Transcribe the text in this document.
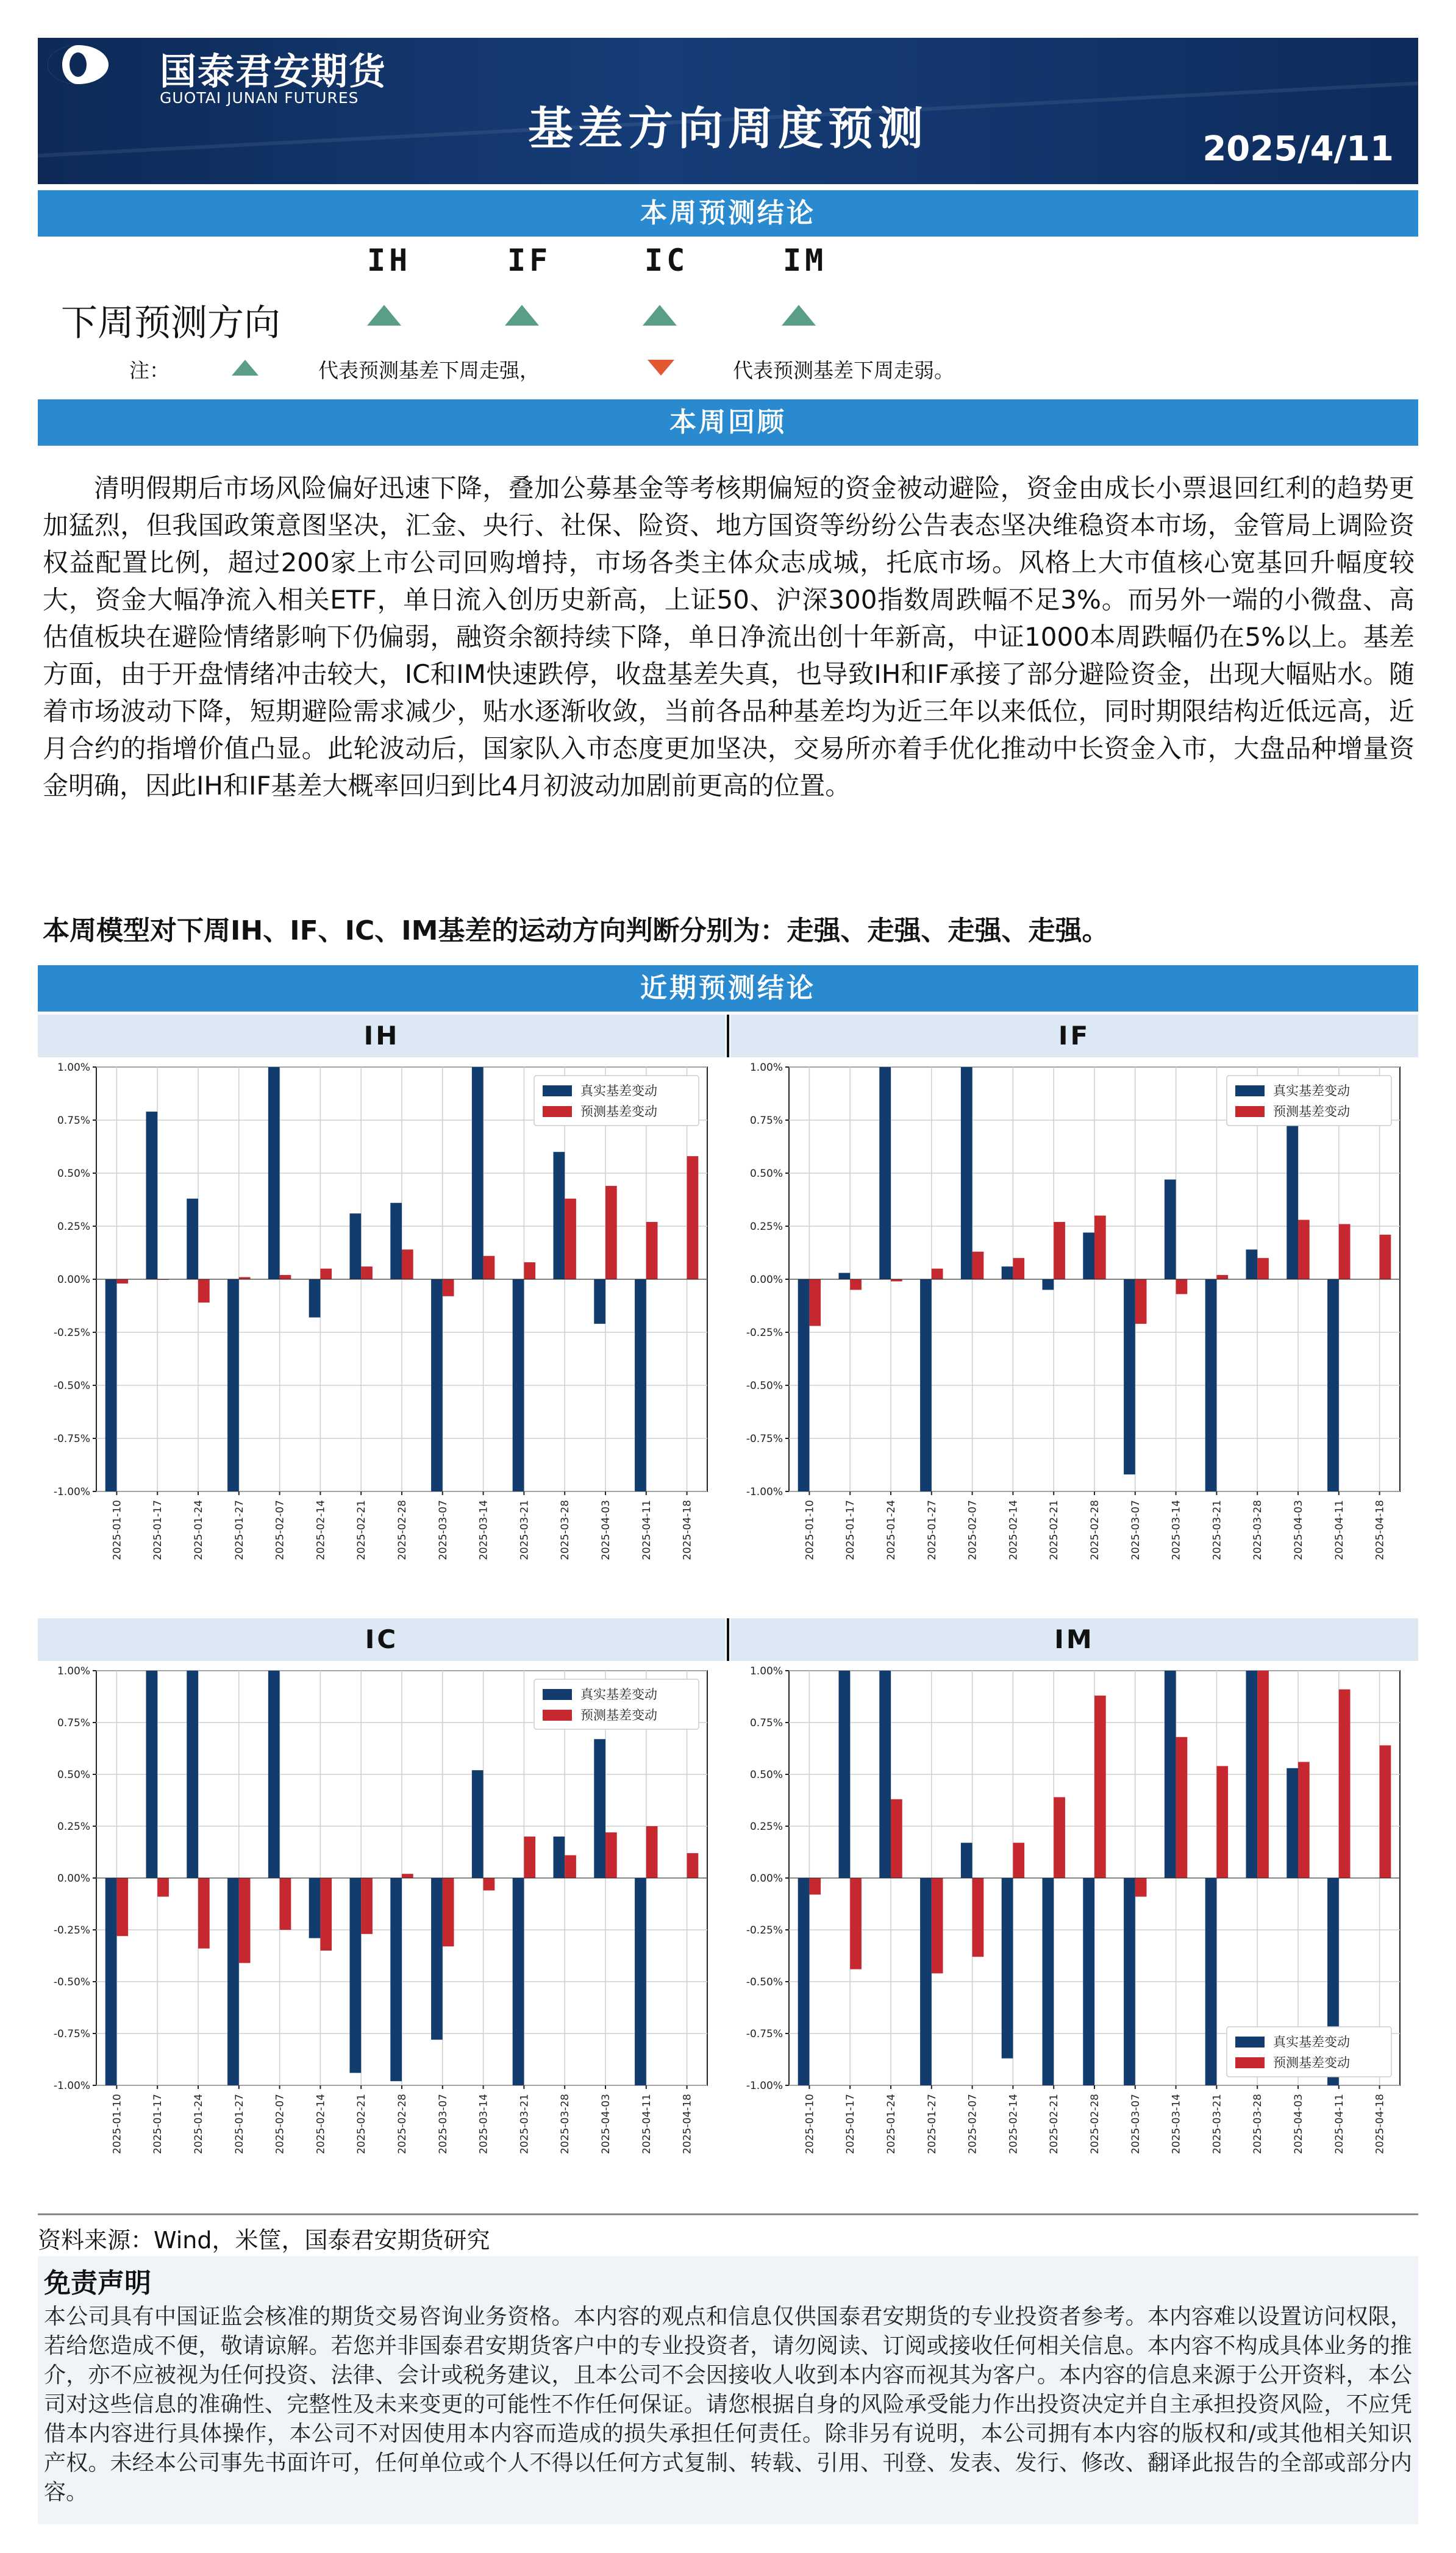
国泰君安期货
GUOTAI JUNAN FUTURES
基差方向周度预测	2025/4/11
本周预测结论
IH	IF	IC	IM
下周预测方向
注：	代表预测基差下周走强，	代表预测基差下周走弱。
本周回顾

清明假期后市场风险偏好迅速下降，叠加公募基金等考核期偏短的资金被动避险，资金由成长小票退回红利的趋势更加猛烈，但我国政策意图坚决，汇金、央行、社保、险资、地方国资等纷纷公告表态坚决维稳资本市场，金管局上调险资权益配置比例，超过200家上市公司回购增持，市场各类主体众志成城，托底市场。风格上大市值核心宽基回升幅度较大，资金大幅净流入相关ETF，单日流入创历史新高，上证50、沪深300指数周跌幅不足3%。而另外一端的小微盘、高估值板块在避险情绪影响下仍偏弱，融资余额持续下降，单日净流出创十年新高，中证1000本周跌幅仍在5%以上。基差方面，由于开盘情绪冲击较大，IC和IM快速跌停，收盘基差失真，也导致IH和IF承接了部分避险资金，出现大幅贴水。随着市场波动下降，短期避险需求减少，贴水逐渐收敛，当前各品种基差均为近三年以来低位，同时期限结构近低远高，近月合约的指增价值凸显。此轮波动后，国家队入市态度更加坚决，交易所亦着手优化推动中长资金入市，大盘品种增量资金明确，因此IH和IF基差大概率回归到比4月初波动加剧前更高的位置。

本周模型对下周IH、IF、IC、IM基差的运动方向判断分别为：走强、走强、走强、走强。
近期预测结论
IH	IF
1.00%
0.75%
0.50%
0.25%
0.00%
-0.25%
-0.50%
-0.75%
-1.00%
2025-01-10	2025-01-17	2025-01-24	2025-01-27	2025-02-07	2025-02-14	2025-02-21	2025-02-28	2025-03-07	2025-03-14	2025-03-21	2025-03-28	2025-04-03	2025-04-11	2025-04-18
真实基差变动
预测基差变动
1.00%
0.75%
0.50%
0.25%
0.00%
-0.25%
-0.50%
-0.75%
-1.00%
2025-01-10	2025-01-17	2025-01-24	2025-01-27	2025-02-07	2025-02-14	2025-02-21	2025-02-28	2025-03-07	2025-03-14	2025-03-21	2025-03-28	2025-04-03	2025-04-11	2025-04-18
真实基差变动
预测基差变动
IC	IM
1.00%
0.75%
0.50%
0.25%
0.00%
-0.25%
-0.50%
-0.75%
-1.00%
2025-01-10	2025-01-17	2025-01-24	2025-01-27	2025-02-07	2025-02-14	2025-02-21	2025-02-28	2025-03-07	2025-03-14	2025-03-21	2025-03-28	2025-04-03	2025-04-11	2025-04-18
真实基差变动
预测基差变动
1.00%
0.75%
0.50%
0.25%
0.00%
-0.25%
-0.50%
-0.75%
-1.00%
2025-01-10	2025-01-17	2025-01-24	2025-01-27	2025-02-07	2025-02-14	2025-02-21	2025-02-28	2025-03-07	2025-03-14	2025-03-21	2025-03-28	2025-04-03	2025-04-11	2025-04-18
真实基差变动
预测基差变动
资料来源：Wind，米筐，国泰君安期货研究
免责声明

本公司具有中国证监会核准的期货交易咨询业务资格。本内容的观点和信息仅供国泰君安期货的专业投资者参考。本内容难以设置访问权限，若给您造成不便，敬请谅解。若您并非国泰君安期货客户中的专业投资者，请勿阅读、订阅或接收任何相关信息。本内容不构成具体业务的推介，亦不应被视为任何投资、法律、会计或税务建议，且本公司不会因接收人收到本内容而视其为客户。本内容的信息来源于公开资料，本公司对这些信息的准确性、完整性及未来变更的可能性不作任何保证。请您根据自身的风险承受能力作出投资决定并自主承担投资风险，不应凭借本内容进行具体操作，本公司不对因使用本内容而造成的损失承担任何责任。除非另有说明，本公司拥有本内容的版权和/或其他相关知识产权。未经本公司事先书面许可，任何单位或个人不得以任何方式复制、转载、引用、刊登、发表、发行、修改、翻译此报告的全部或部分内容。
